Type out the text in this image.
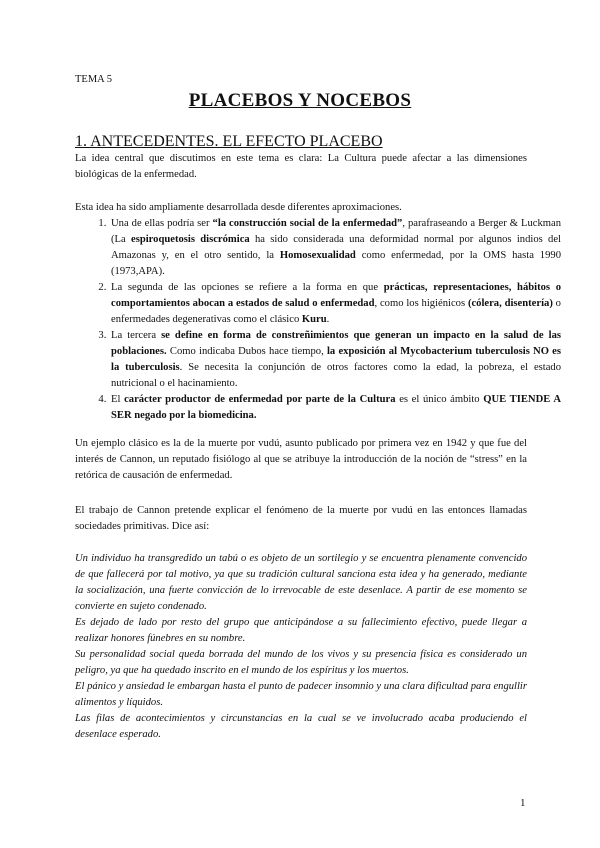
TEMA 5
PLACEBOS Y NOCEBOS
1. ANTECEDENTES. EL EFECTO PLACEBO

La idea central que discutimos en este tema es clara: La Cultura puede afectar a las dimensiones biológicas de la enfermedad.

Esta idea ha sido ampliamente desarrollada desde diferentes aproximaciones.

1. Una de ellas podría ser “la construcción social de la enfermedad”, parafraseando a Berger & Luckman (La espiroquetosis discrómica ha sido considerada una deformidad normal por algunos indios del Amazonas y, en el otro sentido, la Homosexualidad como enfermedad, por la OMS hasta 1990 (1973,APA).
2. La segunda de las opciones se refiere a la forma en que prácticas, representaciones, hábitos o comportamientos abocan a estados de salud o enfermedad, como los higiénicos (cólera, disentería) o enfermedades degenerativas como el clásico Kuru.
3. La tercera se define en forma de constreñimientos que generan un impacto en la salud de las poblaciones. Como indicaba Dubos hace tiempo, la exposición al Mycobacterium tuberculosis NO es la tuberculosis. Se necesita la conjunción de otros factores como la edad, la pobreza, el estado nutricional o el hacinamiento.
4. El carácter productor de enfermedad por parte de la Cultura es el único ámbito QUE TIENDE A SER negado por la biomedicina.

Un ejemplo clásico es la de la muerte por vudú, asunto publicado por primera vez en 1942 y que fue del interés de Cannon, un reputado fisiólogo al que se atribuye la introducción de la noción de “stress” en la retórica de causación de enfermedad.

El trabajo de Cannon pretende explicar el fenómeno de la muerte por vudú en las entonces llamadas sociedades primitivas. Dice así:

Un individuo ha transgredido un tabú o es objeto de un sortilegio y se encuentra plenamente convencido de que fallecerá por tal motivo, ya que su tradición cultural sanciona esta idea y ha generado, mediante la socialización, una fuerte convicción de lo irrevocable de este desenlace. A partir de ese momento se convierte en sujeto condenado.

Es dejado de lado por resto del grupo que anticipándose a su fallecimiento efectivo, puede llegar a realizar honores fúnebres en su nombre.

Su personalidad social queda borrada del mundo de los vivos y su presencia física es considerado un peligro, ya que ha quedado inscrito en el mundo de los espíritus y los muertos.

El pánico y ansiedad le embargan hasta el punto de padecer insomnio y una clara dificultad para engullir alimentos y líquidos.

Las filas de acontecimientos y circunstancias en la cual se ve involucrado acaba produciendo el desenlace esperado.

1
